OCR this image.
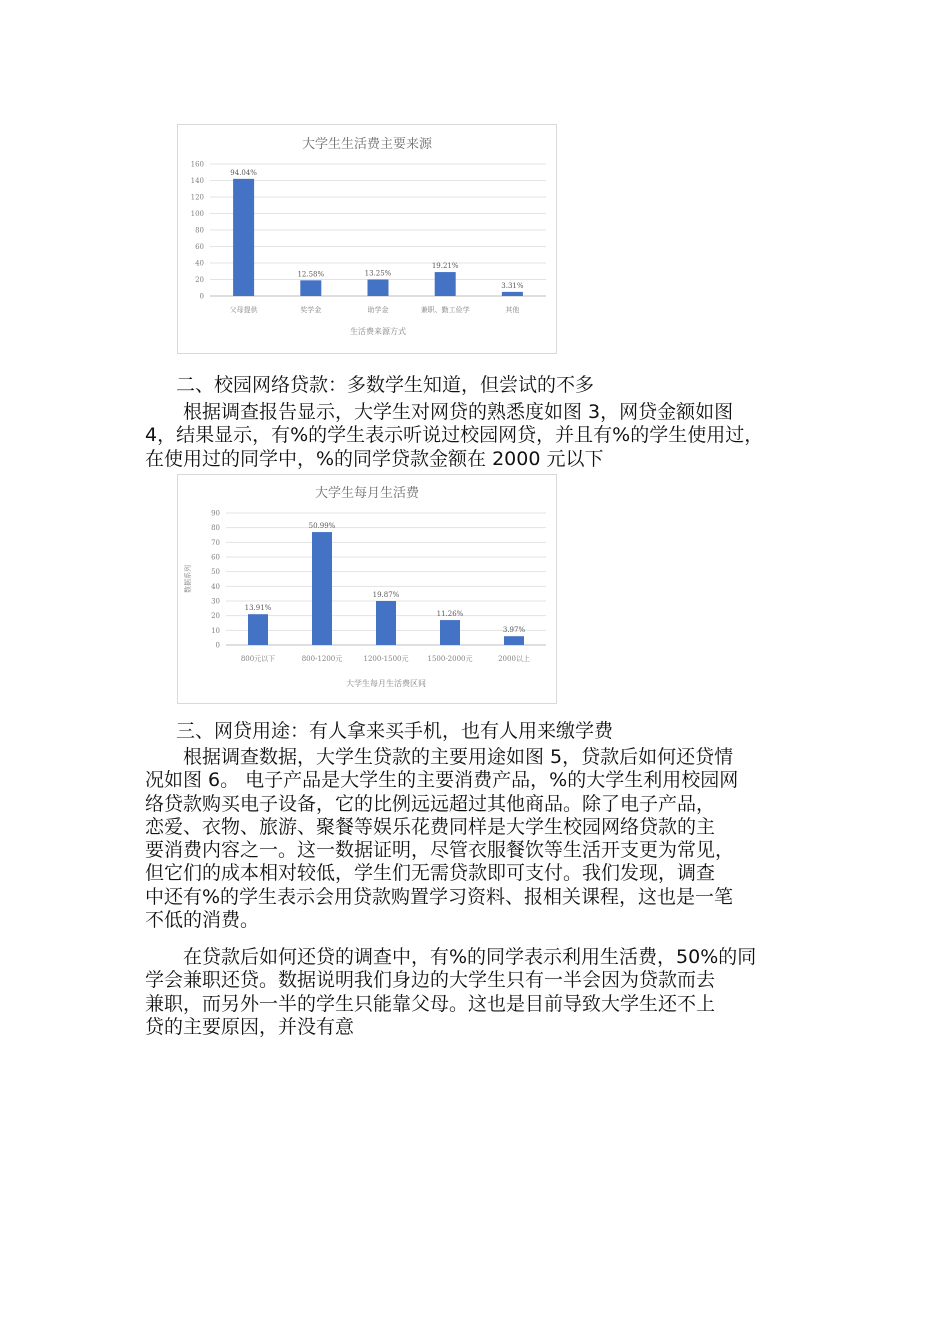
大学生生活费主要来源
0
20
40
60
80
100
120
140
160
94.04%
父母提供
12.58%
奖学金
13.25%
助学金
19.21%
兼职、勤工俭学
3.31%
其他
生活费来源方式
二、校园网络贷款：多数学生知道，但尝试的不多
　　根据调查报告显示，大学生对网贷的熟悉度如图 3，网贷金额如图
4，结果显示，有%的学生表示听说过校园网贷，并且有%的学生使用过，
在使用过的同学中，%的同学贷款金额在 2000 元以下
大学生每月生活费
0
10
20
30
40
50
60
70
80
90
13.91%
800元以下
50.99%
800-1200元
19.87%
1200-1500元
11.26%
1500-2000元
3.97%
2000以上
大学生每月生活费区间
数据系列
三、网贷用途：有人拿来买手机，也有人用来缴学费
　　根据调查数据，大学生贷款的主要用途如图 5，贷款后如何还贷情
况如图 6。 电子产品是大学生的主要消费产品，%的大学生利用校园网
络贷款购买电子设备，它的比例远远超过其他商品。除了电子产品，
恋爱、衣物、旅游、聚餐等娱乐花费同样是大学生校园网络贷款的主
要消费内容之一。这一数据证明，尽管衣服餐饮等生活开支更为常见，
但它们的成本相对较低，学生们无需贷款即可支付。我们发现，调查
中还有%的学生表示会用贷款购置学习资料、报相关课程，这也是一笔
不低的消费。
　　在贷款后如何还贷的调查中，有%的同学表示利用生活费，50%的同
学会兼职还贷。数据说明我们身边的大学生只有一半会因为贷款而去
兼职，而另外一半的学生只能靠父母。这也是目前导致大学生还不上
贷的主要原因，并没有意
